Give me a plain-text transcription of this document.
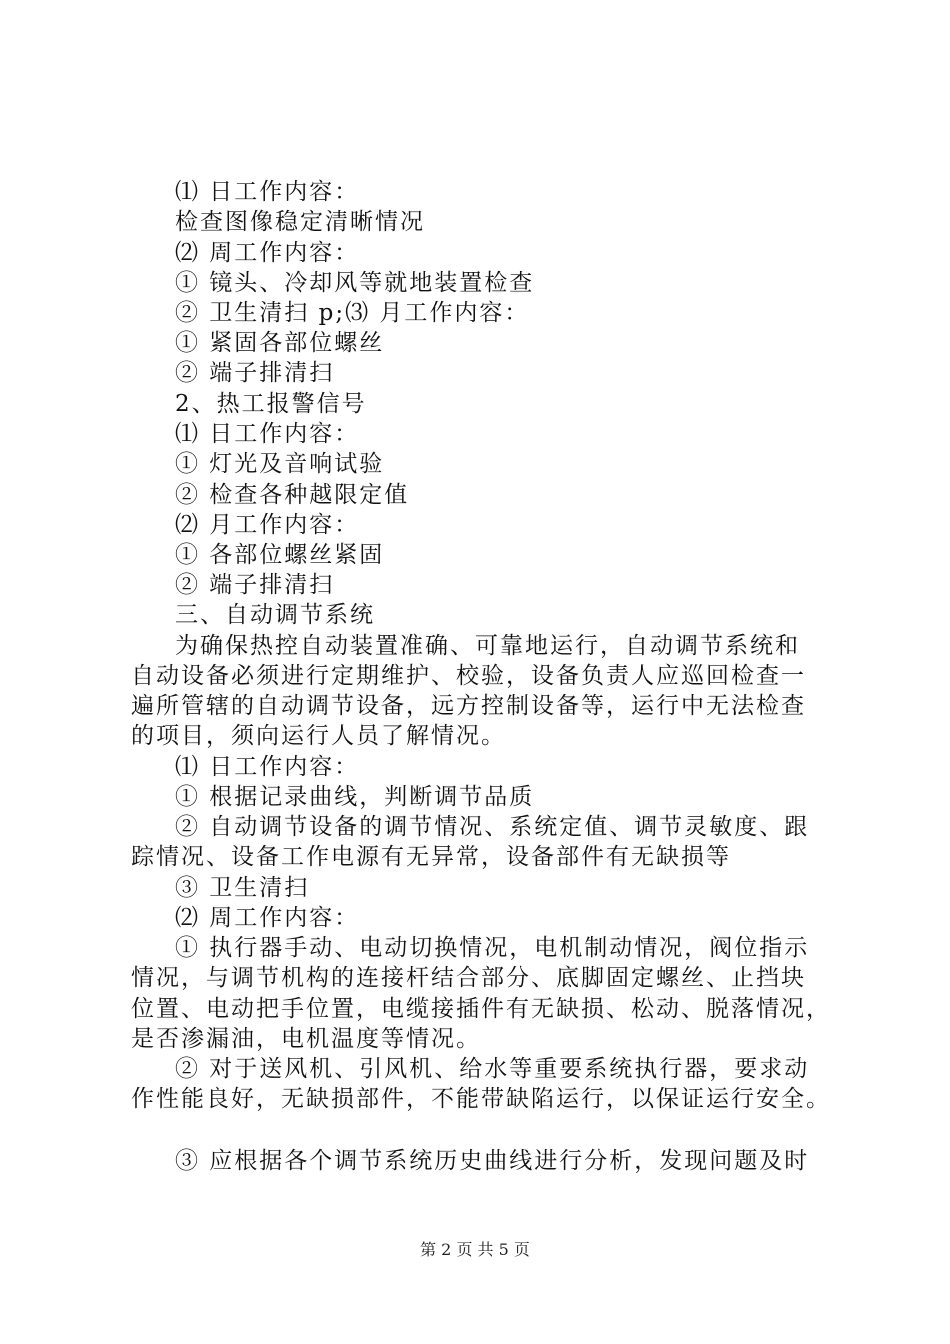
⑴ 日工作内容：
检查图像稳定清晰情况
⑵ 周工作内容：
① 镜头、冷却风等就地装置检查
② 卫生清扫 p;⑶ 月工作内容：
① 紧固各部位螺丝
② 端子排清扫
2、热工报警信号
⑴ 日工作内容：
① 灯光及音响试验
② 检查各种越限定值
⑵ 月工作内容：
① 各部位螺丝紧固
② 端子排清扫
三、自动调节系统
为确保热控自动装置准确、可靠地运行，自动调节系统和
自动设备必须进行定期维护、校验，设备负责人应巡回检查一
遍所管辖的自动调节设备，远方控制设备等，运行中无法检查
的项目，须向运行人员了解情况。
⑴ 日工作内容：
① 根据记录曲线，判断调节品质
② 自动调节设备的调节情况、系统定值、调节灵敏度、跟
踪情况、设备工作电源有无异常，设备部件有无缺损等
③ 卫生清扫
⑵ 周工作内容：
① 执行器手动、电动切换情况，电机制动情况，阀位指示
情况，与调节机构的连接杆结合部分、底脚固定螺丝、止挡块
位置、电动把手位置，电缆接插件有无缺损、松动、脱落情况，
是否渗漏油，电机温度等情况。
② 对于送风机、引风机、给水等重要系统执行器，要求动
作性能良好，无缺损部件，不能带缺陷运行，以保证运行安全。
③ 应根据各个调节系统历史曲线进行分析，发现问题及时
第 2 页 共 5 页
